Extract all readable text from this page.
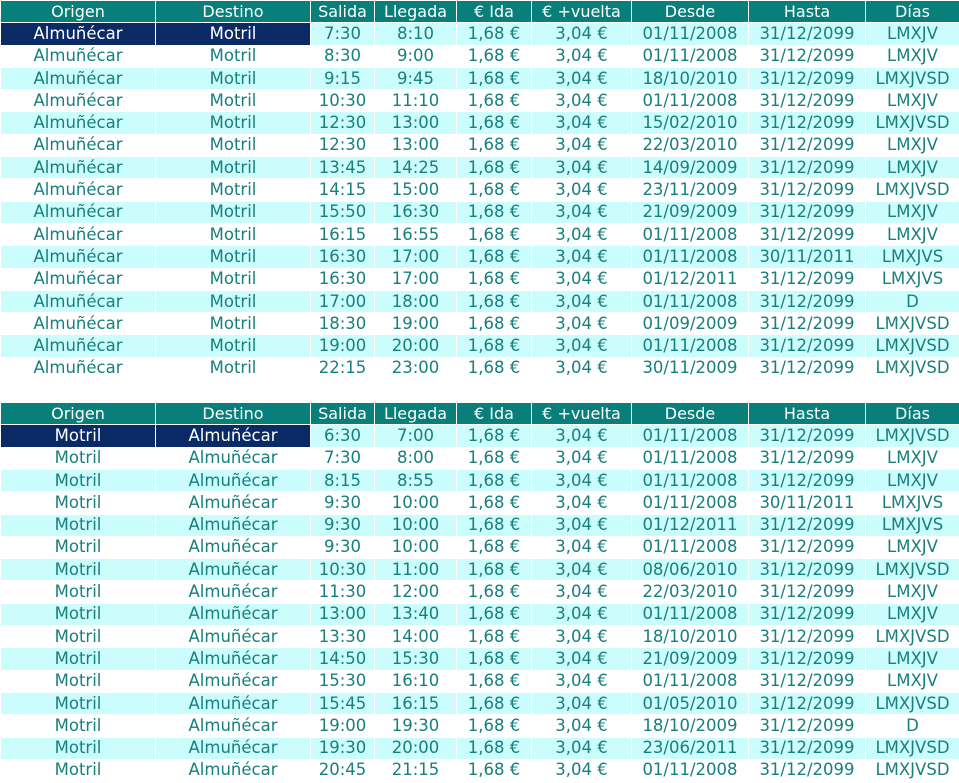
Origen	Destino	Salida	Llegada	€ Ida	€ +vuelta	Desde	Hasta	Días
Almuñécar	Motril	7:30	8:10	1,68 €	3,04 €	01/11/2008	31/12/2099	LMXJV
Almuñécar	Motril	8:30	9:00	1,68 €	3,04 €	01/11/2008	31/12/2099	LMXJV
Almuñécar	Motril	9:15	9:45	1,68 €	3,04 €	18/10/2010	31/12/2099	LMXJVSD
Almuñécar	Motril	10:30	11:10	1,68 €	3,04 €	01/11/2008	31/12/2099	LMXJV
Almuñécar	Motril	12:30	13:00	1,68 €	3,04 €	15/02/2010	31/12/2099	LMXJVSD
Almuñécar	Motril	12:30	13:00	1,68 €	3,04 €	22/03/2010	31/12/2099	LMXJV
Almuñécar	Motril	13:45	14:25	1,68 €	3,04 €	14/09/2009	31/12/2099	LMXJV
Almuñécar	Motril	14:15	15:00	1,68 €	3,04 €	23/11/2009	31/12/2099	LMXJVSD
Almuñécar	Motril	15:50	16:30	1,68 €	3,04 €	21/09/2009	31/12/2099	LMXJV
Almuñécar	Motril	16:15	16:55	1,68 €	3,04 €	01/11/2008	31/12/2099	LMXJV
Almuñécar	Motril	16:30	17:00	1,68 €	3,04 €	01/11/2008	30/11/2011	LMXJVS
Almuñécar	Motril	16:30	17:00	1,68 €	3,04 €	01/12/2011	31/12/2099	LMXJVS
Almuñécar	Motril	17:00	18:00	1,68 €	3,04 €	01/11/2008	31/12/2099	D
Almuñécar	Motril	18:30	19:00	1,68 €	3,04 €	01/09/2009	31/12/2099	LMXJVSD
Almuñécar	Motril	19:00	20:00	1,68 €	3,04 €	01/11/2008	31/12/2099	LMXJVSD
Almuñécar	Motril	22:15	23:00	1,68 €	3,04 €	30/11/2009	31/12/2099	LMXJVSD
Origen	Destino	Salida	Llegada	€ Ida	€ +vuelta	Desde	Hasta	Días
Motril	Almuñécar	6:30	7:00	1,68 €	3,04 €	01/11/2008	31/12/2099	LMXJVSD
Motril	Almuñécar	7:30	8:00	1,68 €	3,04 €	01/11/2008	31/12/2099	LMXJV
Motril	Almuñécar	8:15	8:55	1,68 €	3,04 €	01/11/2008	31/12/2099	LMXJV
Motril	Almuñécar	9:30	10:00	1,68 €	3,04 €	01/11/2008	30/11/2011	LMXJVS
Motril	Almuñécar	9:30	10:00	1,68 €	3,04 €	01/12/2011	31/12/2099	LMXJVS
Motril	Almuñécar	9:30	10:00	1,68 €	3,04 €	01/11/2008	31/12/2099	LMXJV
Motril	Almuñécar	10:30	11:00	1,68 €	3,04 €	08/06/2010	31/12/2099	LMXJVSD
Motril	Almuñécar	11:30	12:00	1,68 €	3,04 €	22/03/2010	31/12/2099	LMXJV
Motril	Almuñécar	13:00	13:40	1,68 €	3,04 €	01/11/2008	31/12/2099	LMXJV
Motril	Almuñécar	13:30	14:00	1,68 €	3,04 €	18/10/2010	31/12/2099	LMXJVSD
Motril	Almuñécar	14:50	15:30	1,68 €	3,04 €	21/09/2009	31/12/2099	LMXJV
Motril	Almuñécar	15:30	16:10	1,68 €	3,04 €	01/11/2008	31/12/2099	LMXJV
Motril	Almuñécar	15:45	16:15	1,68 €	3,04 €	01/05/2010	31/12/2099	LMXJVSD
Motril	Almuñécar	19:00	19:30	1,68 €	3,04 €	18/10/2009	31/12/2099	D
Motril	Almuñécar	19:30	20:00	1,68 €	3,04 €	23/06/2011	31/12/2099	LMXJVSD
Motril	Almuñécar	20:45	21:15	1,68 €	3,04 €	01/11/2008	31/12/2099	LMXJVSD
